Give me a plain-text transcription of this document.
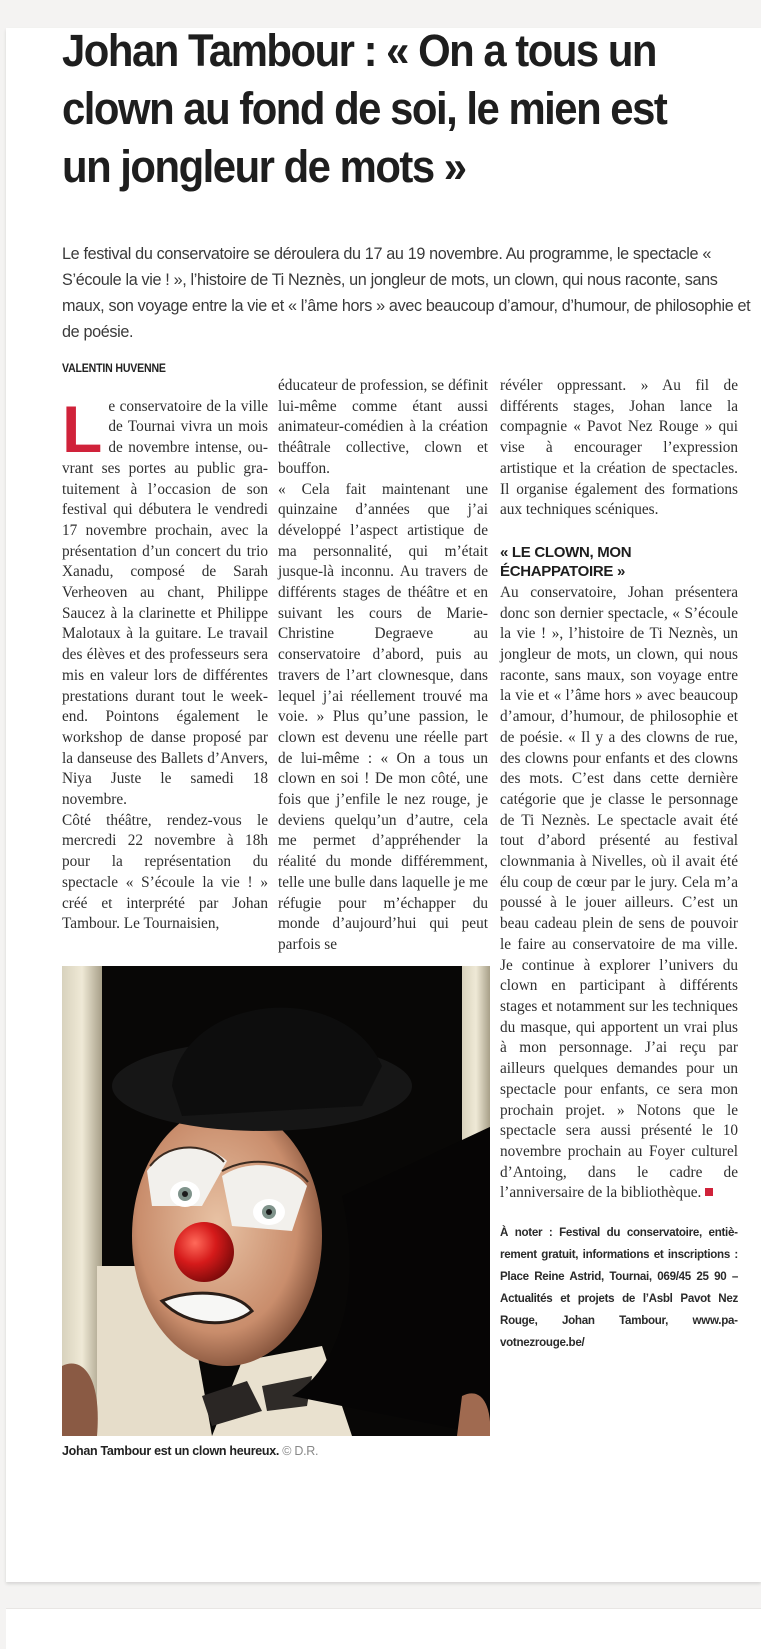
Johan Tambour : « On a tous un clown au fond de soi, le mien est un jongleur de mots »

Le festival du conservatoire se déroulera du 17 au 19 novembre. Au programme, le spectacle « S’écoule la vie ! », l’histoire de Ti Neznès, un jongleur de mots, un clown, qui nous raconte, sans maux, son voyage entre la vie et « l’âme hors » avec beaucoup d’amour, d’humour, de philosophie et de poésie.

VALENTIN HUVENNE

Le conservatoire de la ville de Tournai vivra un mois de novembre intense, ouvrant ses portes au public gratuitement à l’occasion de son festival qui débutera le vendredi 17 novembre prochain, avec la présentation d’un concert du trio Xanadu, composé de Sarah Verheoven au chant, Philippe Saucez à la clarinette et Philippe Malotaux à la guitare. Le travail des élèves et des professeurs sera mis en valeur lors de différentes prestations durant tout le week-end. Pointons également le workshop de danse proposé par la danseuse des Ballets d’Anvers, Niya Juste le samedi 18 novembre.

Côté théâtre, rendez-vous le mercredi 22 novembre à 18h pour la représentation du spectacle « S’écoule la vie ! » créé et interprété par Johan Tambour. Le Tournaisien,

éducateur de profession, se définit lui-même comme étant aussi animateur-comédien à la création théâtrale collective, clown et bouffon.

« Cela fait maintenant une quinzaine d’années que j’ai développé l’aspect artistique de ma personnalité, qui m’était jusque-là inconnu. Au travers de différents stages de théâtre et en suivant les cours de Marie-Christine Degraeve au conservatoire d’abord, puis au travers de l’art clownesque, dans lequel j’ai réellement trouvé ma voie. » Plus qu’une passion, le clown est devenu une réelle part de lui-même : « On a tous un clown en soi ! De mon côté, une fois que j’enfile le nez rouge, je deviens quelqu’un d’autre, cela me permet d’appréhender la réalité du monde différemment, telle une bulle dans laquelle je me réfugie pour m’échapper du monde d’aujourd’hui qui peut parfois se

révéler oppressant. » Au fil de différents stages, Johan lance la compagnie « Pavot Nez Rouge » qui vise à encourager l’expression artistique et la création de spectacles. Il organise également des formations aux techniques scéniques.

« LE CLOWN, MON ÉCHAPPATOIRE »

Au conservatoire, Johan présentera donc son dernier spectacle, « S’écoule la vie ! », l’histoire de Ti Neznès, un jongleur de mots, un clown, qui nous raconte, sans maux, son voyage entre la vie et « l’âme hors » avec beaucoup d’amour, d’humour, de philosophie et de poésie. « Il y a des clowns de rue, des clowns pour enfants et des clowns des mots. C’est dans cette dernière catégorie que je classe le personnage de Ti Neznès. Le spectacle avait été tout d’abord présenté au festival clownmania à Nivelles, où il avait été élu coup de cœur par le jury. Cela m’a poussé à le jouer ailleurs. C’est un beau cadeau plein de sens de pouvoir le faire au conservatoire de ma ville. Je continue à explorer l’univers du clown en participant à différents stages et notamment sur les techniques du masque, qui apportent un vrai plus à mon personnage. J’ai reçu par ailleurs quelques demandes pour un spectacle pour enfants, ce sera mon prochain projet. » Notons que le spectacle sera aussi présenté le 10 novembre prochain au Foyer culturel d’Antoing, dans le cadre de l’anniversaire de la bibliothèque.

À noter : Festival du conservatoire, entièrement gratuit, informations et inscriptions : Place Reine Astrid, Tournai, 069/45 25 90 – Actualités et projets de l’Asbl Pavot Nez Rouge, Johan Tambour, www.pavotnezrouge.be/

Johan Tambour est un clown heureux. © D.R.
